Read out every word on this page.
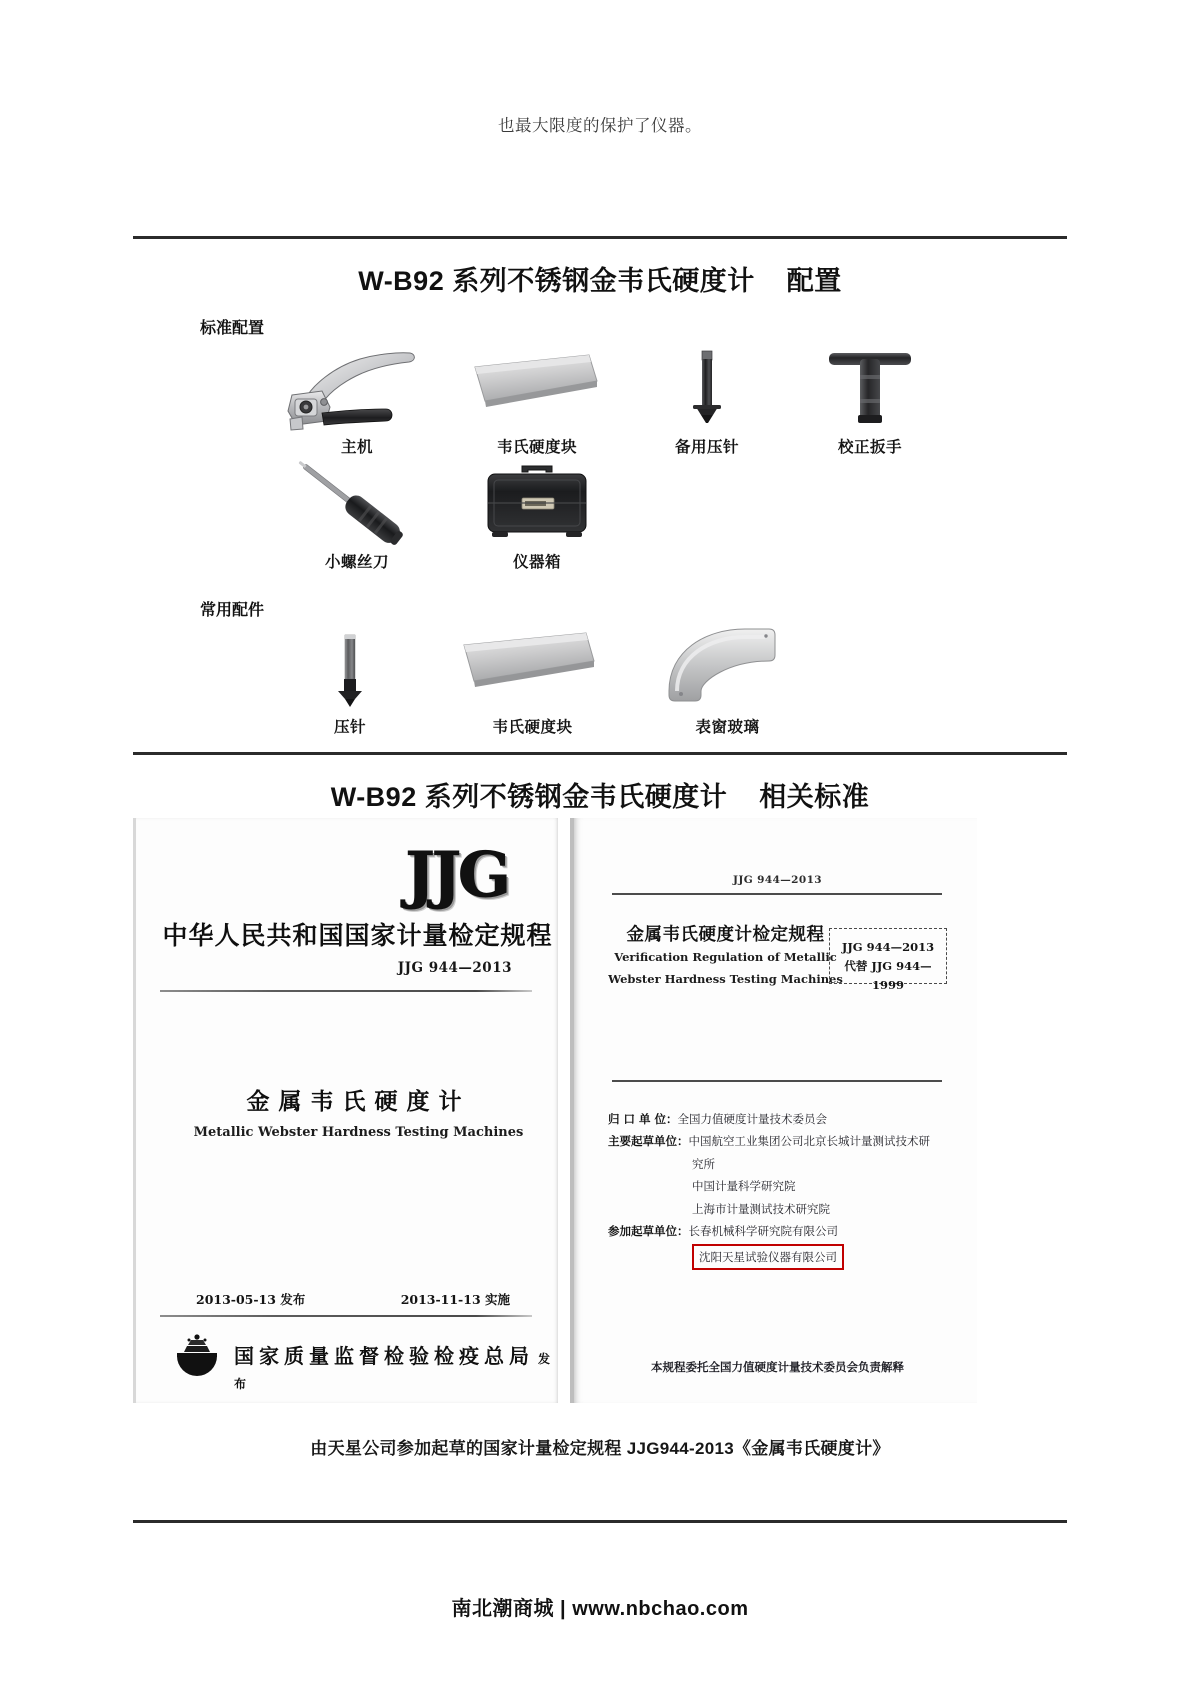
也最大限度的保护了仪器。
W-B92 系列不锈钢金韦氏硬度计    配置
标准配置
主机	韦氏硬度块	备用压针	校正扳手
小螺丝刀	仪器箱
常用配件
压针	韦氏硬度块	表窗玻璃
W-B92 系列不锈钢金韦氏硬度计    相关标准
JJG
中华人民共和国国家计量检定规程
JJG 944—2013
金属韦氏硬度计
Metallic Webster Hardness Testing Machines
2013-05-13 发布	2013-11-13 实施
国家质量监督检验检疫总局 发布
JJG 944—2013
金属韦氏硬度计检定规程
Verification Regulation of Metallic
Webster Hardness Testing Machines
JJG 944—2013
代替 JJG 944—1999
归 口 单 位： 全国力值硬度计量技术委员会
主要起草单位： 中国航空工业集团公司北京长城计量测试技术研
究所
中国计量科学研究院
上海市计量测试技术研究院
参加起草单位： 长春机械科学研究院有限公司
沈阳天星试验仪器有限公司
本规程委托全国力值硬度计量技术委员会负责解释
由天星公司参加起草的国家计量检定规程 JJG944-2013《金属韦氏硬度计》
南北潮商城 | www.nbchao.com
